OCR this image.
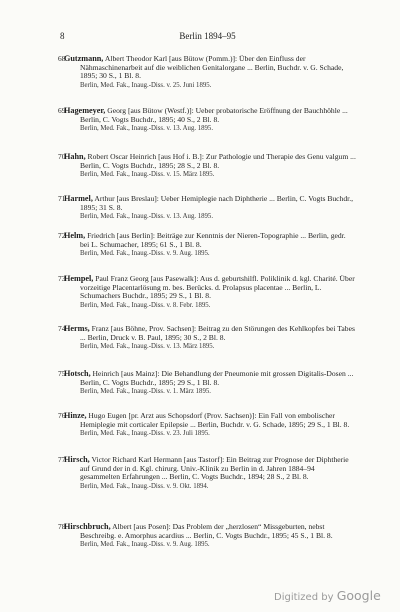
8	Berlin 1894–95
68
Gutzmann, Albert Theodor Karl [aus Bütow (Pomm.)]: Über den Einfluss der Nähmaschinenarbeit auf die weiblichen Genitalorgane ... Berlin, Buchdr. v. G. Schade, 1895; 30 S., 1 Bl. 8.
Berlin, Med. Fak., Inaug.-Diss. v. 25. Juni 1895.
69
Hagemeyer, Georg [aus Bütow (Westf.)]: Ueber probatorische Eröffnung der Bauchhöhle ... Berlin, C. Vogts Buchdr., 1895; 40 S., 2 Bl. 8.
Berlin, Med. Fak., Inaug.-Diss. v. 13. Aug. 1895.
70
Hahn, Robert Oscar Heinrich [aus Hof i. B.]: Zur Pathologie und Therapie des Genu valgum ... Berlin, C. Vogts Buchdr., 1895; 28 S., 2 Bl. 8.
Berlin, Med. Fak., Inaug.-Diss. v. 15. März 1895.
71
Harmel, Arthur [aus Breslau]: Ueber Hemiplegie nach Diphtherie ... Berlin, C. Vogts Buchdr., 1895; 31 S. 8.
Berlin, Med. Fak., Inaug.-Diss. v. 13. Aug. 1895.
72
Helm, Friedrich [aus Berlin]: Beiträge zur Kenntnis der Nieren-Topographie ... Berlin, gedr. bei L. Schumacher, 1895; 61 S., 1 Bl. 8.
Berlin, Med. Fak., Inaug.-Diss. v. 9. Aug. 1895.
73
Hempel, Paul Franz Georg [aus Pasewalk]: Aus d. geburtshilfl. Poliklinik d. kgl. Charité. Über vorzeitige Placentarlösung m. bes. Berücks. d. Prolapsus placentae ... Berlin, L. Schumachers Buchdr., 1895; 29 S., 1 Bl. 8.
Berlin, Med. Fak., Inaug.-Diss. v. 8. Febr. 1895.
74
Herms, Franz [aus Böhne, Prov. Sachsen]: Beitrag zu den Störungen des Kehlkopfes bei Tabes ... Berlin, Druck v. B. Paul, 1895; 30 S., 2 Bl. 8.
Berlin, Med. Fak., Inaug.-Diss. v. 13. März 1895.
75
Hotsch, Heinrich [aus Mainz]: Die Behandlung der Pneumonie mit grossen Digitalis-Dosen ... Berlin, C. Vogts Buchdr., 1895; 29 S., 1 Bl. 8.
Berlin, Med. Fak., Inaug.-Diss. v. 1. März 1895.
76
Hinze, Hugo Eugen [pr. Arzt aus Schopsdorf (Prov. Sachsen)]: Ein Fall von embolischer Hemiplegie mit corticaler Epilepsie ... Berlin, Buchdr. v. G. Schade, 1895; 29 S., 1 Bl. 8.
Berlin, Med. Fak., Inaug.-Diss. v. 23. Juli 1895.
77
Hirsch, Victor Richard Karl Hermann [aus Tastorf]: Ein Beitrag zur Prognose der Diphtherie auf Grund der in d. Kgl. chirurg. Univ.-Klinik zu Berlin in d. Jahren 1884–94 gesammelten Erfahrungen ... Berlin, C. Vogts Buchdr., 1894; 28 S., 2 Bl. 8.
Berlin, Med. Fak., Inaug.-Diss. v. 9. Okt. 1894.
78
Hirschbruch, Albert [aus Posen]: Das Problem der „herzlosen“ Missgeburten, nebst Beschreibg. e. Amorphus acardius ... Berlin, C. Vogts Buchdr., 1895; 45 S., 1 Bl. 8.
Berlin, Med. Fak., Inaug.-Diss. v. 9. Aug. 1895.
Digitized by Google
